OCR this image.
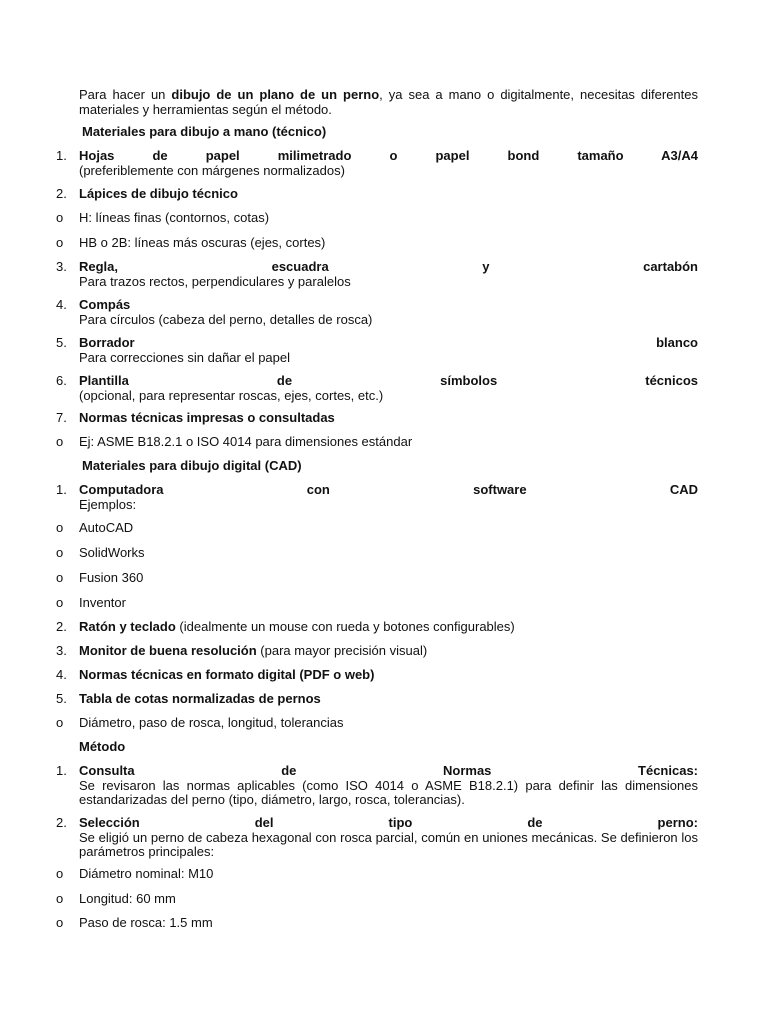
Para hacer un dibujo de un plano de un perno, ya sea a mano o digitalmente, necesitas diferentes
materiales y herramientas según el método.
Materiales para dibujo a mano (técnico)
1. Hojas de papel milimetrado o papel bond tamaño A3/A4
(preferiblemente con márgenes normalizados)
2. Lápices de dibujo técnico
o	H: líneas finas (contornos, cotas)
o	HB o 2B: líneas más oscuras (ejes, cortes)
3. Regla, escuadra y cartabón
Para trazos rectos, perpendiculares y paralelos
4. Compás
Para círculos (cabeza del perno, detalles de rosca)
5. Borrador blanco
Para correcciones sin dañar el papel
6. Plantilla de símbolos técnicos
(opcional, para representar roscas, ejes, cortes, etc.)
7. Normas técnicas impresas o consultadas
o	Ej: ASME B18.2.1 o ISO 4014 para dimensiones estándar
Materiales para dibujo digital (CAD)
1. Computadora con software CAD
Ejemplos:
o	AutoCAD
o	SolidWorks
o	Fusion 360
o	Inventor
2. Ratón y teclado (idealmente un mouse con rueda y botones configurables)
3. Monitor de buena resolución (para mayor precisión visual)
4. Normas técnicas en formato digital (PDF o web)
5. Tabla de cotas normalizadas de pernos
o	Diámetro, paso de rosca, longitud, tolerancias
Método
1. Consulta de Normas Técnicas:
Se revisaron las normas aplicables (como ISO 4014 o ASME B18.2.1) para definir las dimensiones estandarizadas del perno (tipo, diámetro, largo, rosca, tolerancias).
2. Selección del tipo de perno:
Se eligió un perno de cabeza hexagonal con rosca parcial, común en uniones mecánicas. Se definieron los parámetros principales:
o	Diámetro nominal: M10
o	Longitud: 60 mm
o	Paso de rosca: 1.5 mm
